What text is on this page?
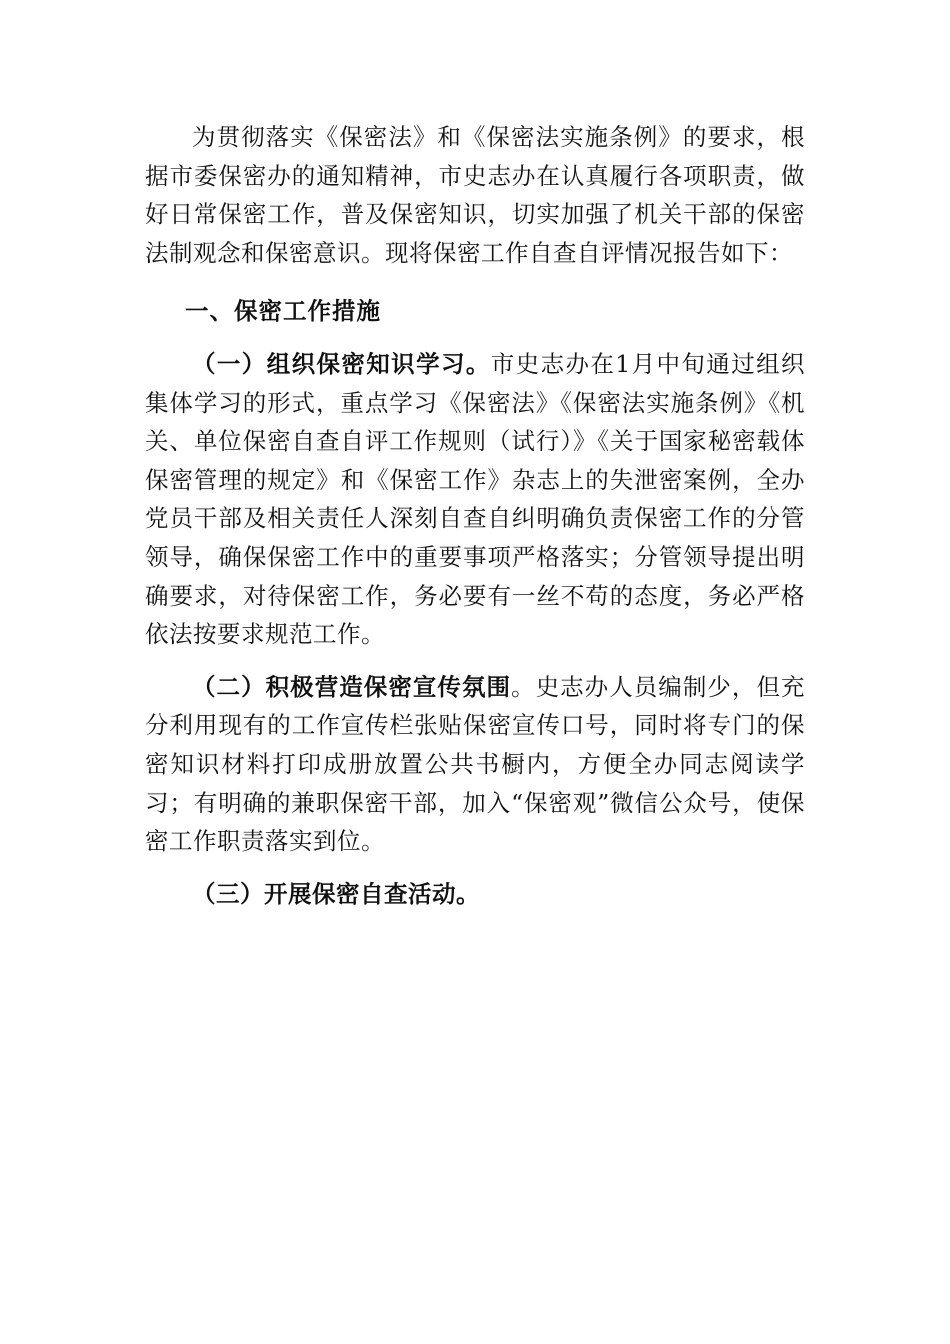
为贯彻落实《保密法》和《保密法实施条例》的要求，根据市委保密办的通知精神，市史志办在认真履行各项职责，做好日常保密工作，普及保密知识，切实加强了机关干部的保密法制观念和保密意识。现将保密工作自查自评情况报告如下：

一、保密工作措施

（一）组织保密知识学习。市史志办在1月中旬通过组织集体学习的形式，重点学习《保密法》《保密法实施条例》《机关、单位保密自查自评工作规则（试行）》《关于国家秘密载体保密管理的规定》和《保密工作》杂志上的失泄密案例，全办党员干部及相关责任人深刻自查自纠明确负责保密工作的分管领导，确保保密工作中的重要事项严格落实；分管领导提出明确要求，对待保密工作，务必要有一丝不苟的态度，务必严格依法按要求规范工作。

（二）积极营造保密宣传氛围。史志办人员编制少，但充分利用现有的工作宣传栏张贴保密宣传口号，同时将专门的保密知识材料打印成册放置公共书橱内，方便全办同志阅读学习；有明确的兼职保密干部，加入“保密观”微信公众号，使保密工作职责落实到位。

（三）开展保密自查活动。
